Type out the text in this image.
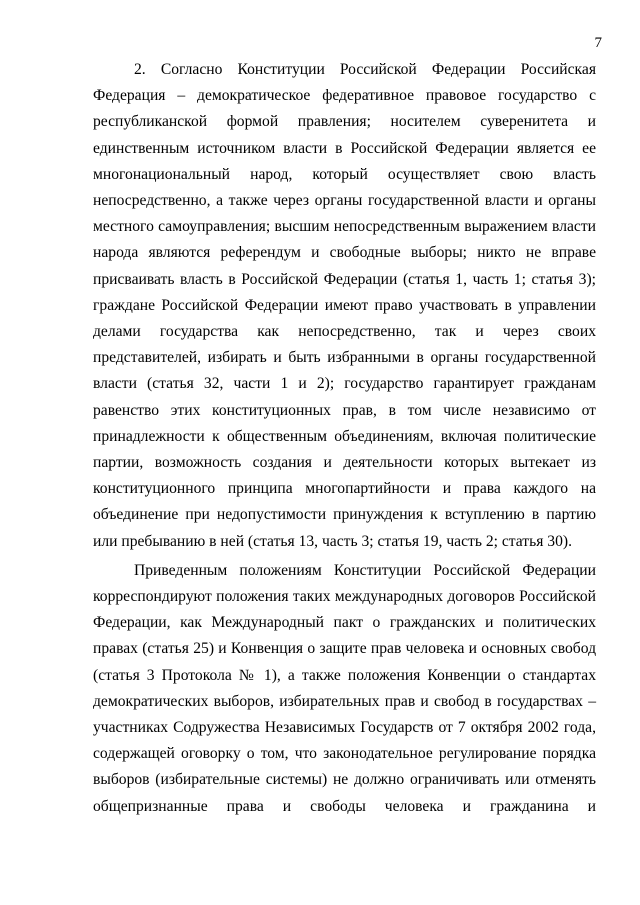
7

2. Согласно Конституции Российской Федерации Российская Федерация – демократическое федеративное правовое государство с республиканской формой правления; носителем суверенитета и единственным источником власти в Российской Федерации является ее многонациональный народ, который осуществляет свою власть непосредственно, а также через органы государственной власти и органы местного самоуправления; высшим непосредственным выражением власти народа являются референдум и свободные выборы; никто не вправе присваивать власть в Российской Федерации (статья 1, часть 1; статья 3); граждане Российской Федерации имеют право участвовать в управлении делами государства как непосредственно, так и через своих представителей, избирать и быть избранными в органы государственной власти (статья 32, части 1 и 2); государство гарантирует гражданам равенство этих конституционных прав, в том числе независимо от принадлежности к общественным объединениям, включая политические партии, возможность создания и деятельности которых вытекает из конституционного принципа многопартийности и права каждого на объединение при недопустимости принуждения к вступлению в партию или пребыванию в ней (статья 13, часть 3; статья 19, часть 2; статья 30).

Приведенным положениям Конституции Российской Федерации корреспондируют положения таких международных договоров Российской Федерации, как Международный пакт о гражданских и политических правах (статья 25) и Конвенция о защите прав человека и основных свобод (статья 3 Протокола № 1), а также положения Конвенции о стандартах демократических выборов, избирательных прав и свобод в государствах – участниках Содружества Независимых Государств от 7 октября 2002 года, содержащей оговорку о том, что законодательное регулирование порядка выборов (избирательные системы) не должно ограничивать или отменять общепризнанные права и свободы человека и гражданина и
